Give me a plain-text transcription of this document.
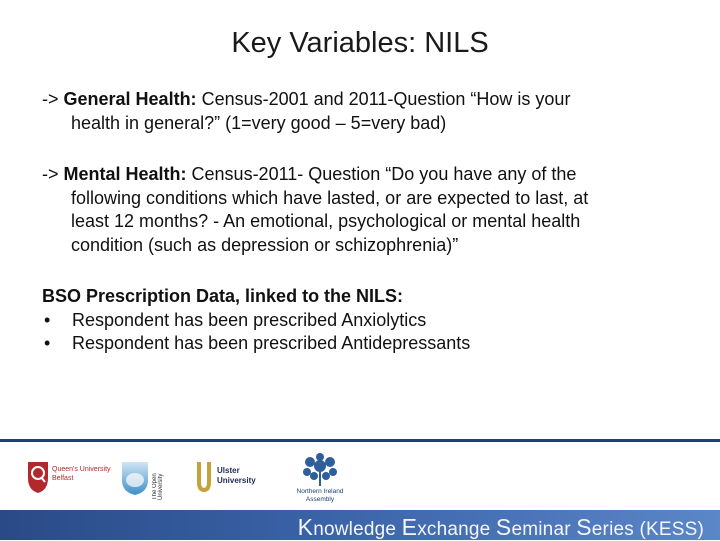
Key Variables: NILS

-> General Health: Census-2001 and 2011-Question “How is your
health in general?” (1=very good – 5=very bad)

-> Mental Health: Census-2011- Question “Do you have any of the
following conditions which have lasted, or are expected to last, at
least 12 months? - An emotional, psychological or mental health
condition (such as depression or schizophrenia)”

BSO Prescription Data, linked to the NILS:

•	Respondent has been prescribed Anxiolytics

•	Respondent has been prescribed Antidepressants

Queen's University
Belfast
The Open University
Ulster
University
Northern Ireland
Assembly
Knowledge Exchange Seminar Series (KESS)
